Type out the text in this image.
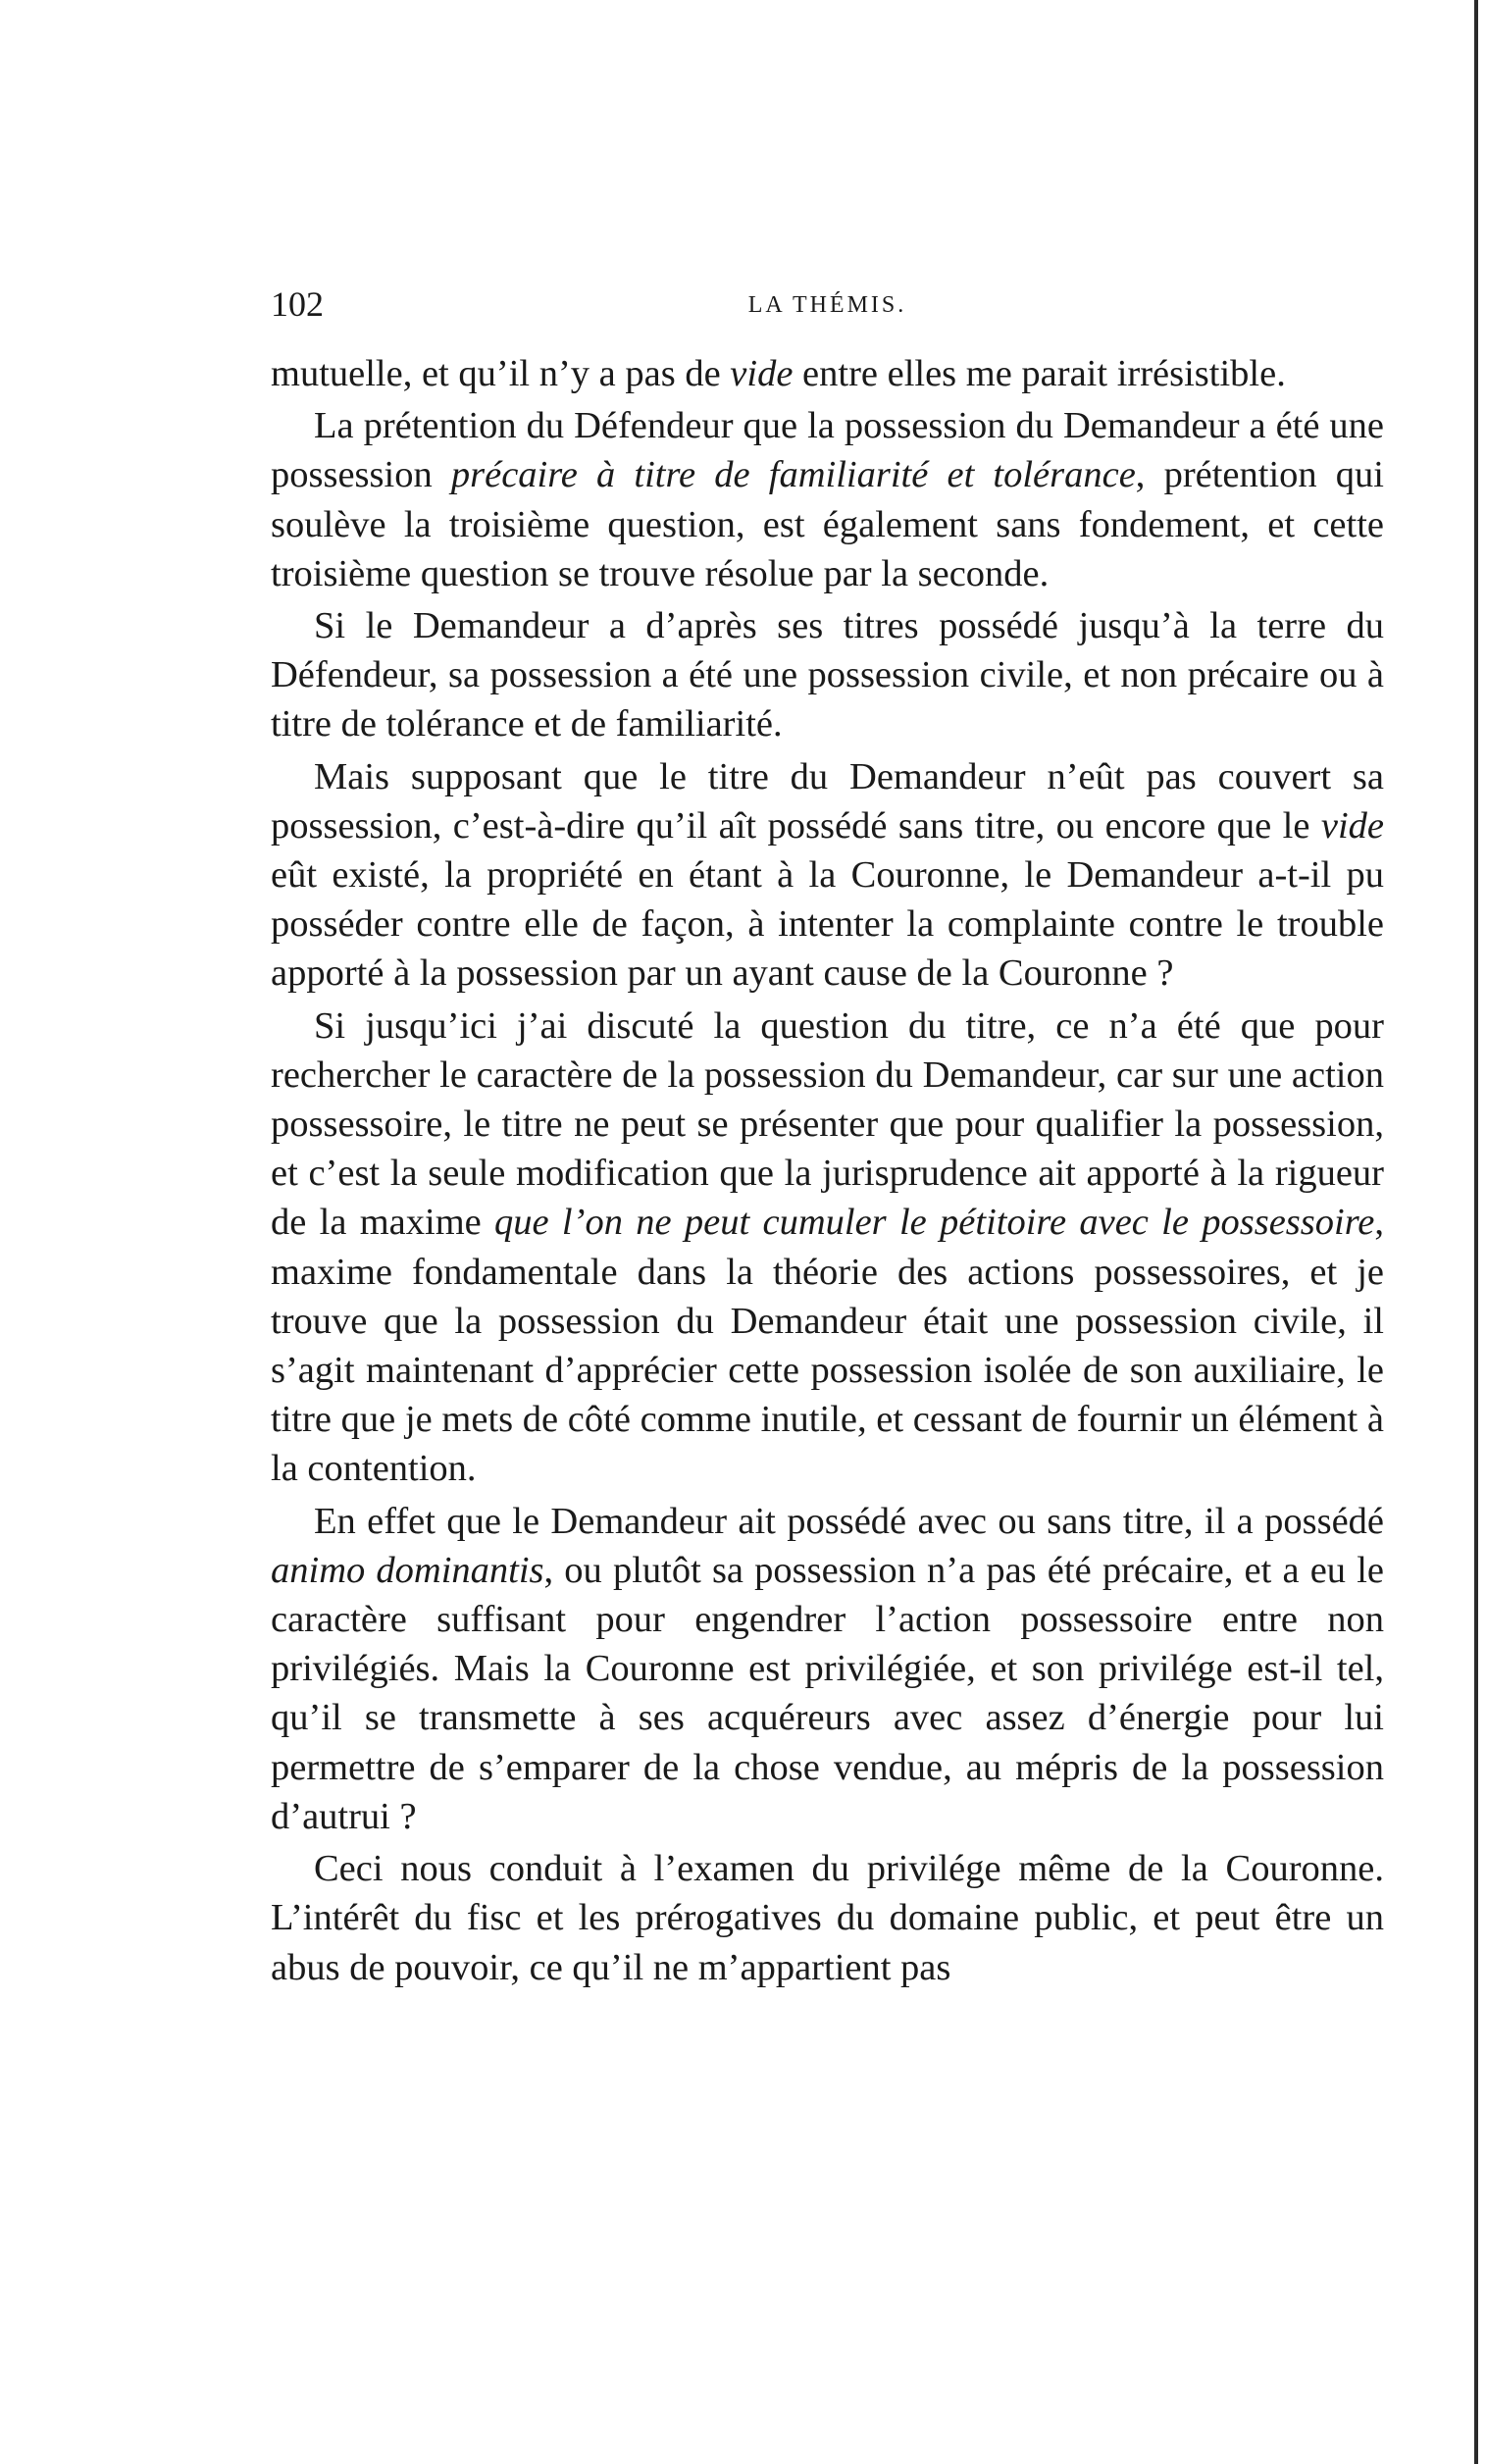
102	LA THÉMIS.

mutuelle, et qu’il n’y a pas de vide entre elles me parait irrésistible.

La prétention du Défendeur que la possession du Demandeur a été une possession précaire à titre de familiarité et tolérance, prétention qui soulève la troisième question, est également sans fondement, et cette troisième question se trouve résolue par la seconde.

Si le Demandeur a d’après ses titres possédé jusqu’à la terre du Défendeur, sa possession a été une possession civile, et non précaire ou à titre de tolérance et de familiarité.

Mais supposant que le titre du Demandeur n’eût pas couvert sa possession, c’est-à-dire qu’il aît possédé sans titre, ou encore que le vide eût existé, la propriété en étant à la Couronne, le Demandeur a-t-il pu posséder contre elle de façon, à intenter la complainte contre le trouble apporté à la possession par un ayant cause de la Couronne ?

Si jusqu’ici j’ai discuté la question du titre, ce n’a été que pour rechercher le caractère de la possession du Demandeur, car sur une action possessoire, le titre ne peut se présenter que pour qualifier la possession, et c’est la seule modification que la jurisprudence ait apporté à la rigueur de la maxime que l’on ne peut cumuler le pétitoire avec le possessoire, maxime fondamentale dans la théorie des actions possessoires, et je trouve que la possession du Demandeur était une possession civile, il s’agit maintenant d’apprécier cette possession isolée de son auxiliaire, le titre que je mets de côté comme inutile, et cessant de fournir un élément à la contention.

En effet que le Demandeur ait possédé avec ou sans titre, il a possédé animo dominantis, ou plutôt sa possession n’a pas été précaire, et a eu le caractère suffisant pour engendrer l’action possessoire entre non privilégiés. Mais la Couronne est privilégiée, et son privilége est-il tel, qu’il se transmette à ses acquéreurs avec assez d’énergie pour lui permettre de s’emparer de la chose vendue, au mépris de la possession d’autrui ?

Ceci nous conduit à l’examen du privilége même de la Couronne. L’intérêt du fisc et les prérogatives du domaine public, et peut être un abus de pouvoir, ce qu’il ne m’appartient pas
